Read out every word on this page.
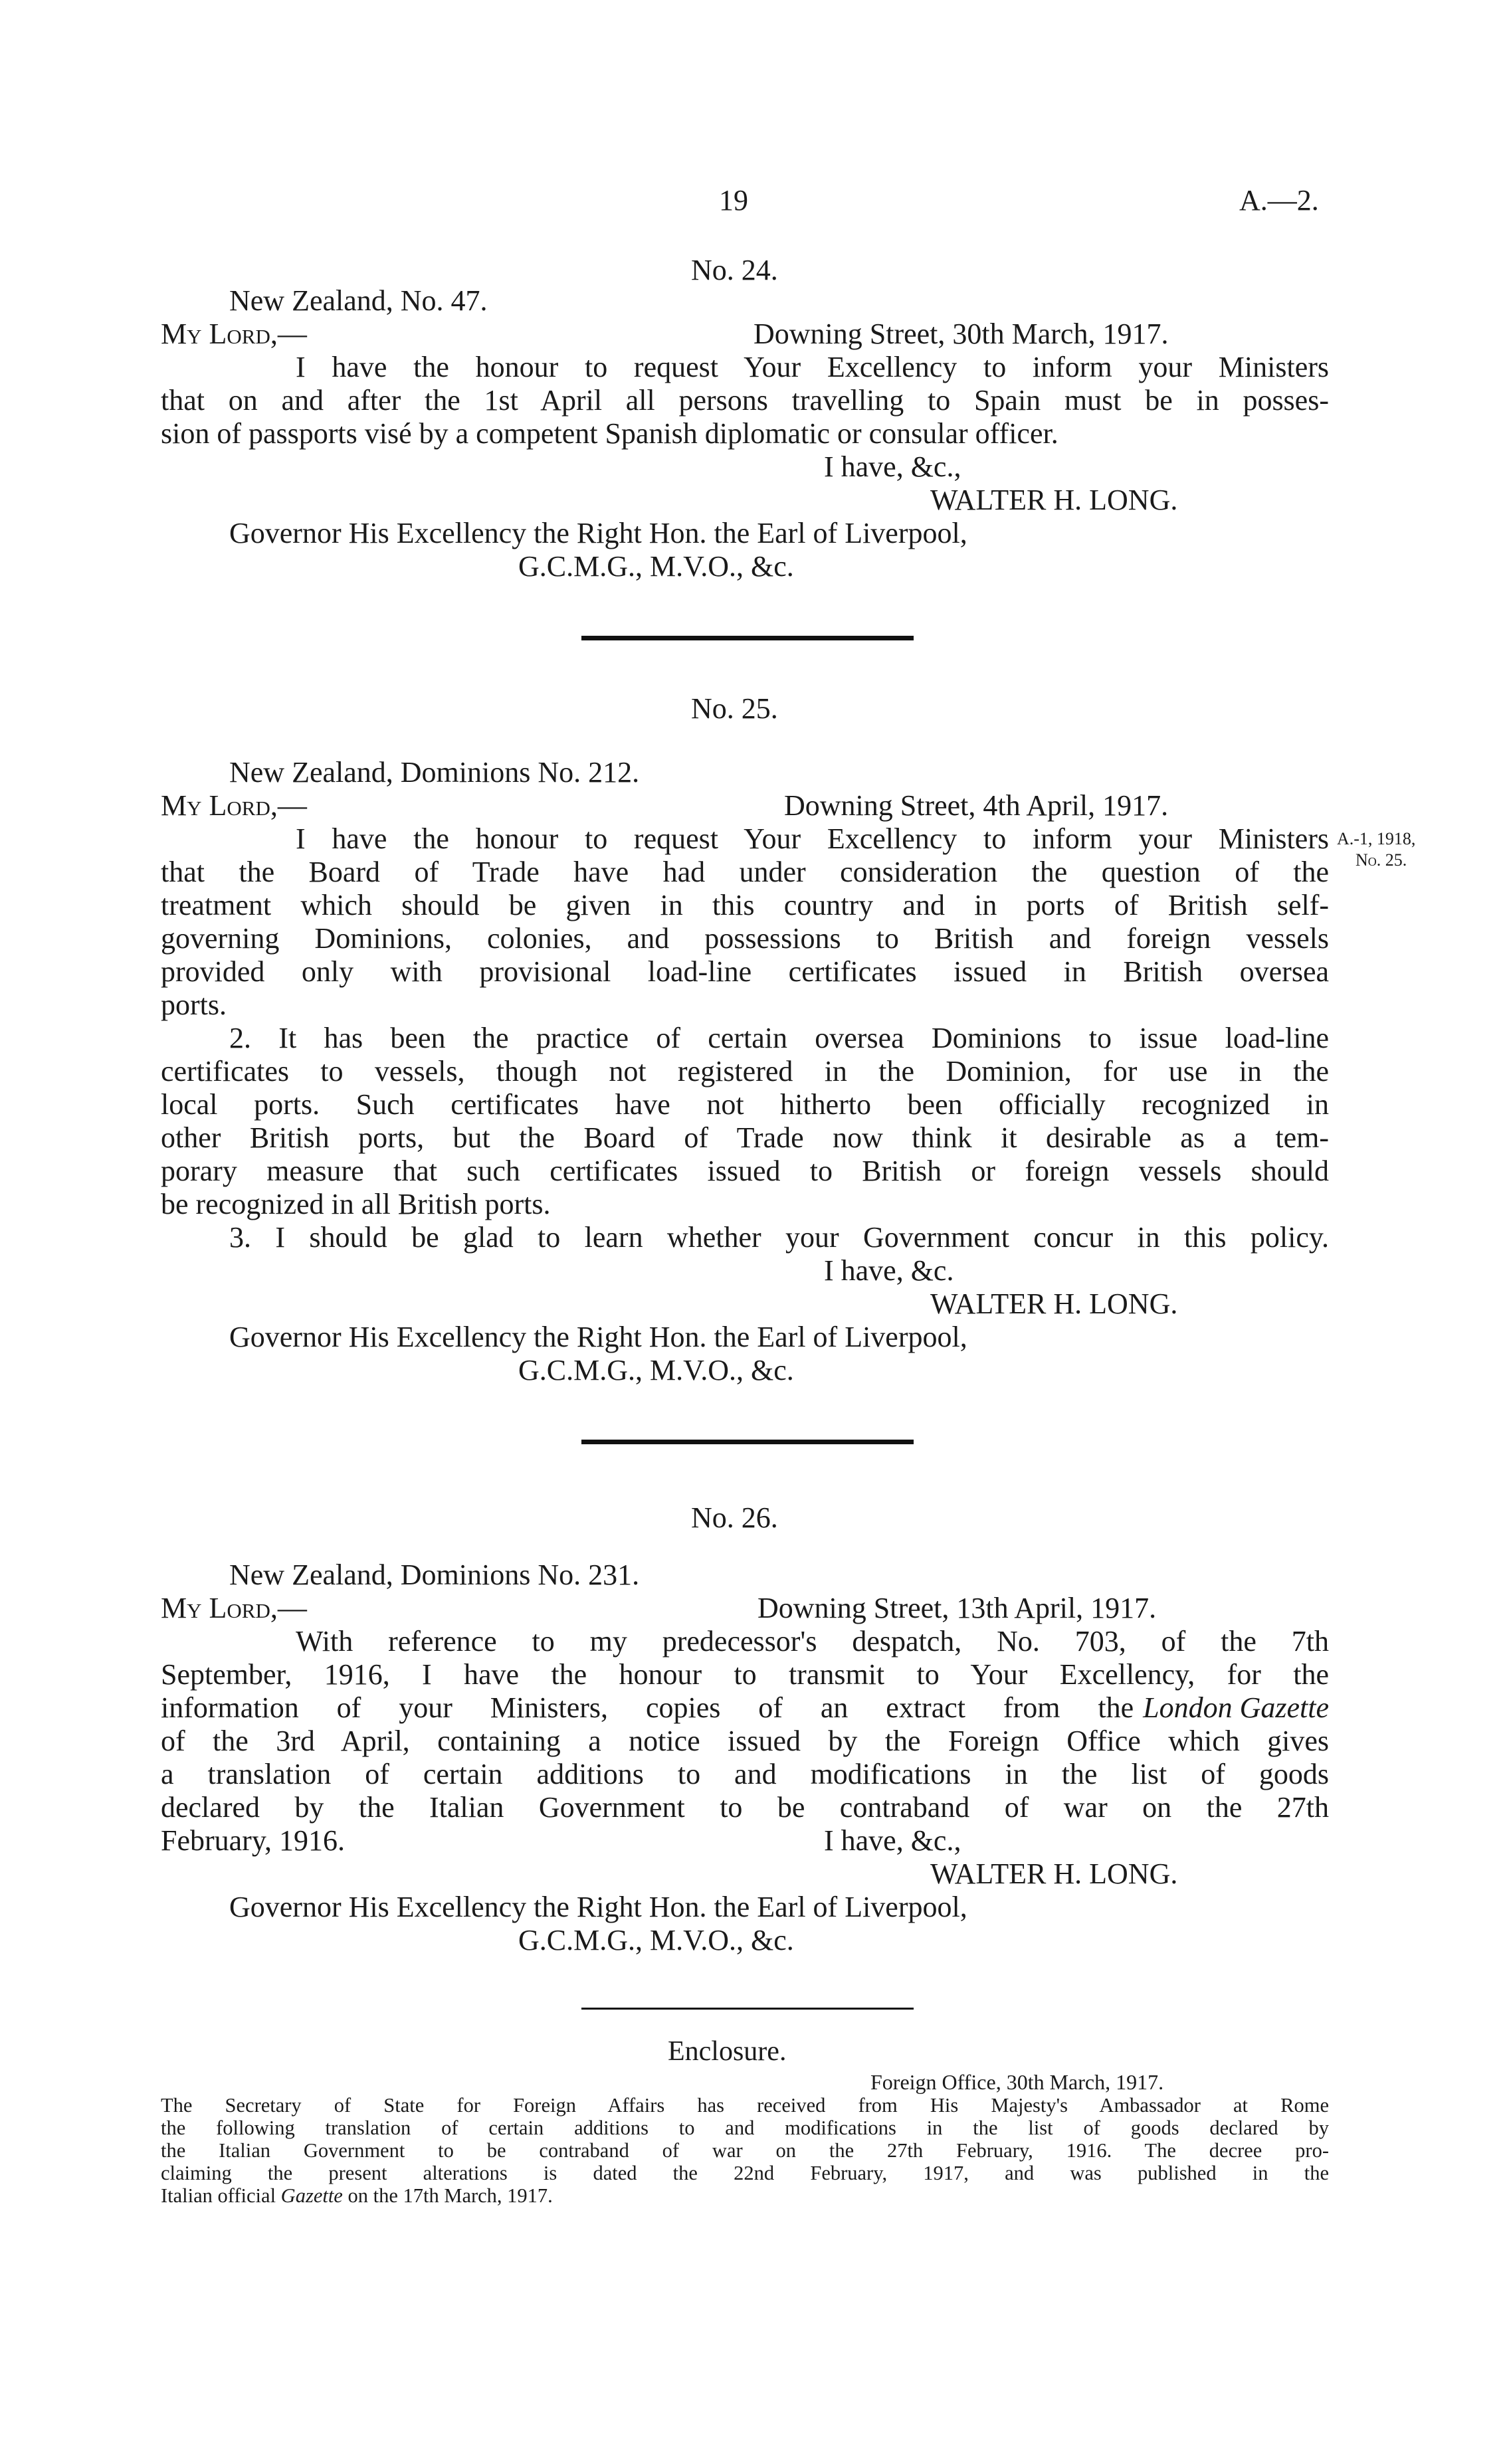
19	A.—2.
No. 24.
New Zealand, No. 47.
My Lord,—	Downing Street, 30th March, 1917.
I have the honour to request Your Excellency to inform your Ministers
that on and after the 1st April all persons travelling to Spain must be in posses-
sion of passports visé by a competent Spanish diplomatic or consular officer.
I have, &c.,
WALTER H. LONG.
Governor His Excellency the Right Hon. the Earl of Liverpool,
G.C.M.G., M.V.O., &c.
No. 25.
New Zealand, Dominions No. 212.
My Lord,—	Downing Street, 4th April, 1917.
I have the honour to request Your Excellency to inform your Ministers A.-1, 1918,
No. 25.
that the Board of Trade have had under consideration the question of the
treatment which should be given in this country and in ports of British self-
governing Dominions, colonies, and possessions to British and foreign vessels
provided only with provisional load-line certificates issued in British oversea
ports.
2. It has been the practice of certain oversea Dominions to issue load-line
certificates to vessels, though not registered in the Dominion, for use in the
local ports. Such certificates have not hitherto been officially recognized in
other British ports, but the Board of Trade now think it desirable as a tem-
porary measure that such certificates issued to British or foreign vessels should
be recognized in all British ports.
3. I should be glad to learn whether your Government concur in this policy.
I have, &c.
WALTER H. LONG.
Governor His Excellency the Right Hon. the Earl of Liverpool,
G.C.M.G., M.V.O., &c.
No. 26.
New Zealand, Dominions No. 231.
My Lord,—	Downing Street, 13th April, 1917.
With reference to my predecessor's despatch, No. 703, of the 7th
September, 1916, I have the honour to transmit to Your Excellency, for the
information of your Ministers, copies of an extract from the London Gazette
of the 3rd April, containing a notice issued by the Foreign Office which gives
a translation of certain additions to and modifications in the list of goods
declared by the Italian Government to be contraband of war on the 27th
February, 1916.	I have, &c.,
WALTER H. LONG.
Governor His Excellency the Right Hon. the Earl of Liverpool,
G.C.M.G., M.V.O., &c.
Enclosure.
Foreign Office, 30th March, 1917.
The Secretary of State for Foreign Affairs has received from His Majesty's Ambassador at Rome
the following translation of certain additions to and modifications in the list of goods declared by
the Italian Government to be contraband of war on the 27th February, 1916. The decree pro-
claiming the present alterations is dated the 22nd February, 1917, and was published in the
Italian official Gazette on the 17th March, 1917.
